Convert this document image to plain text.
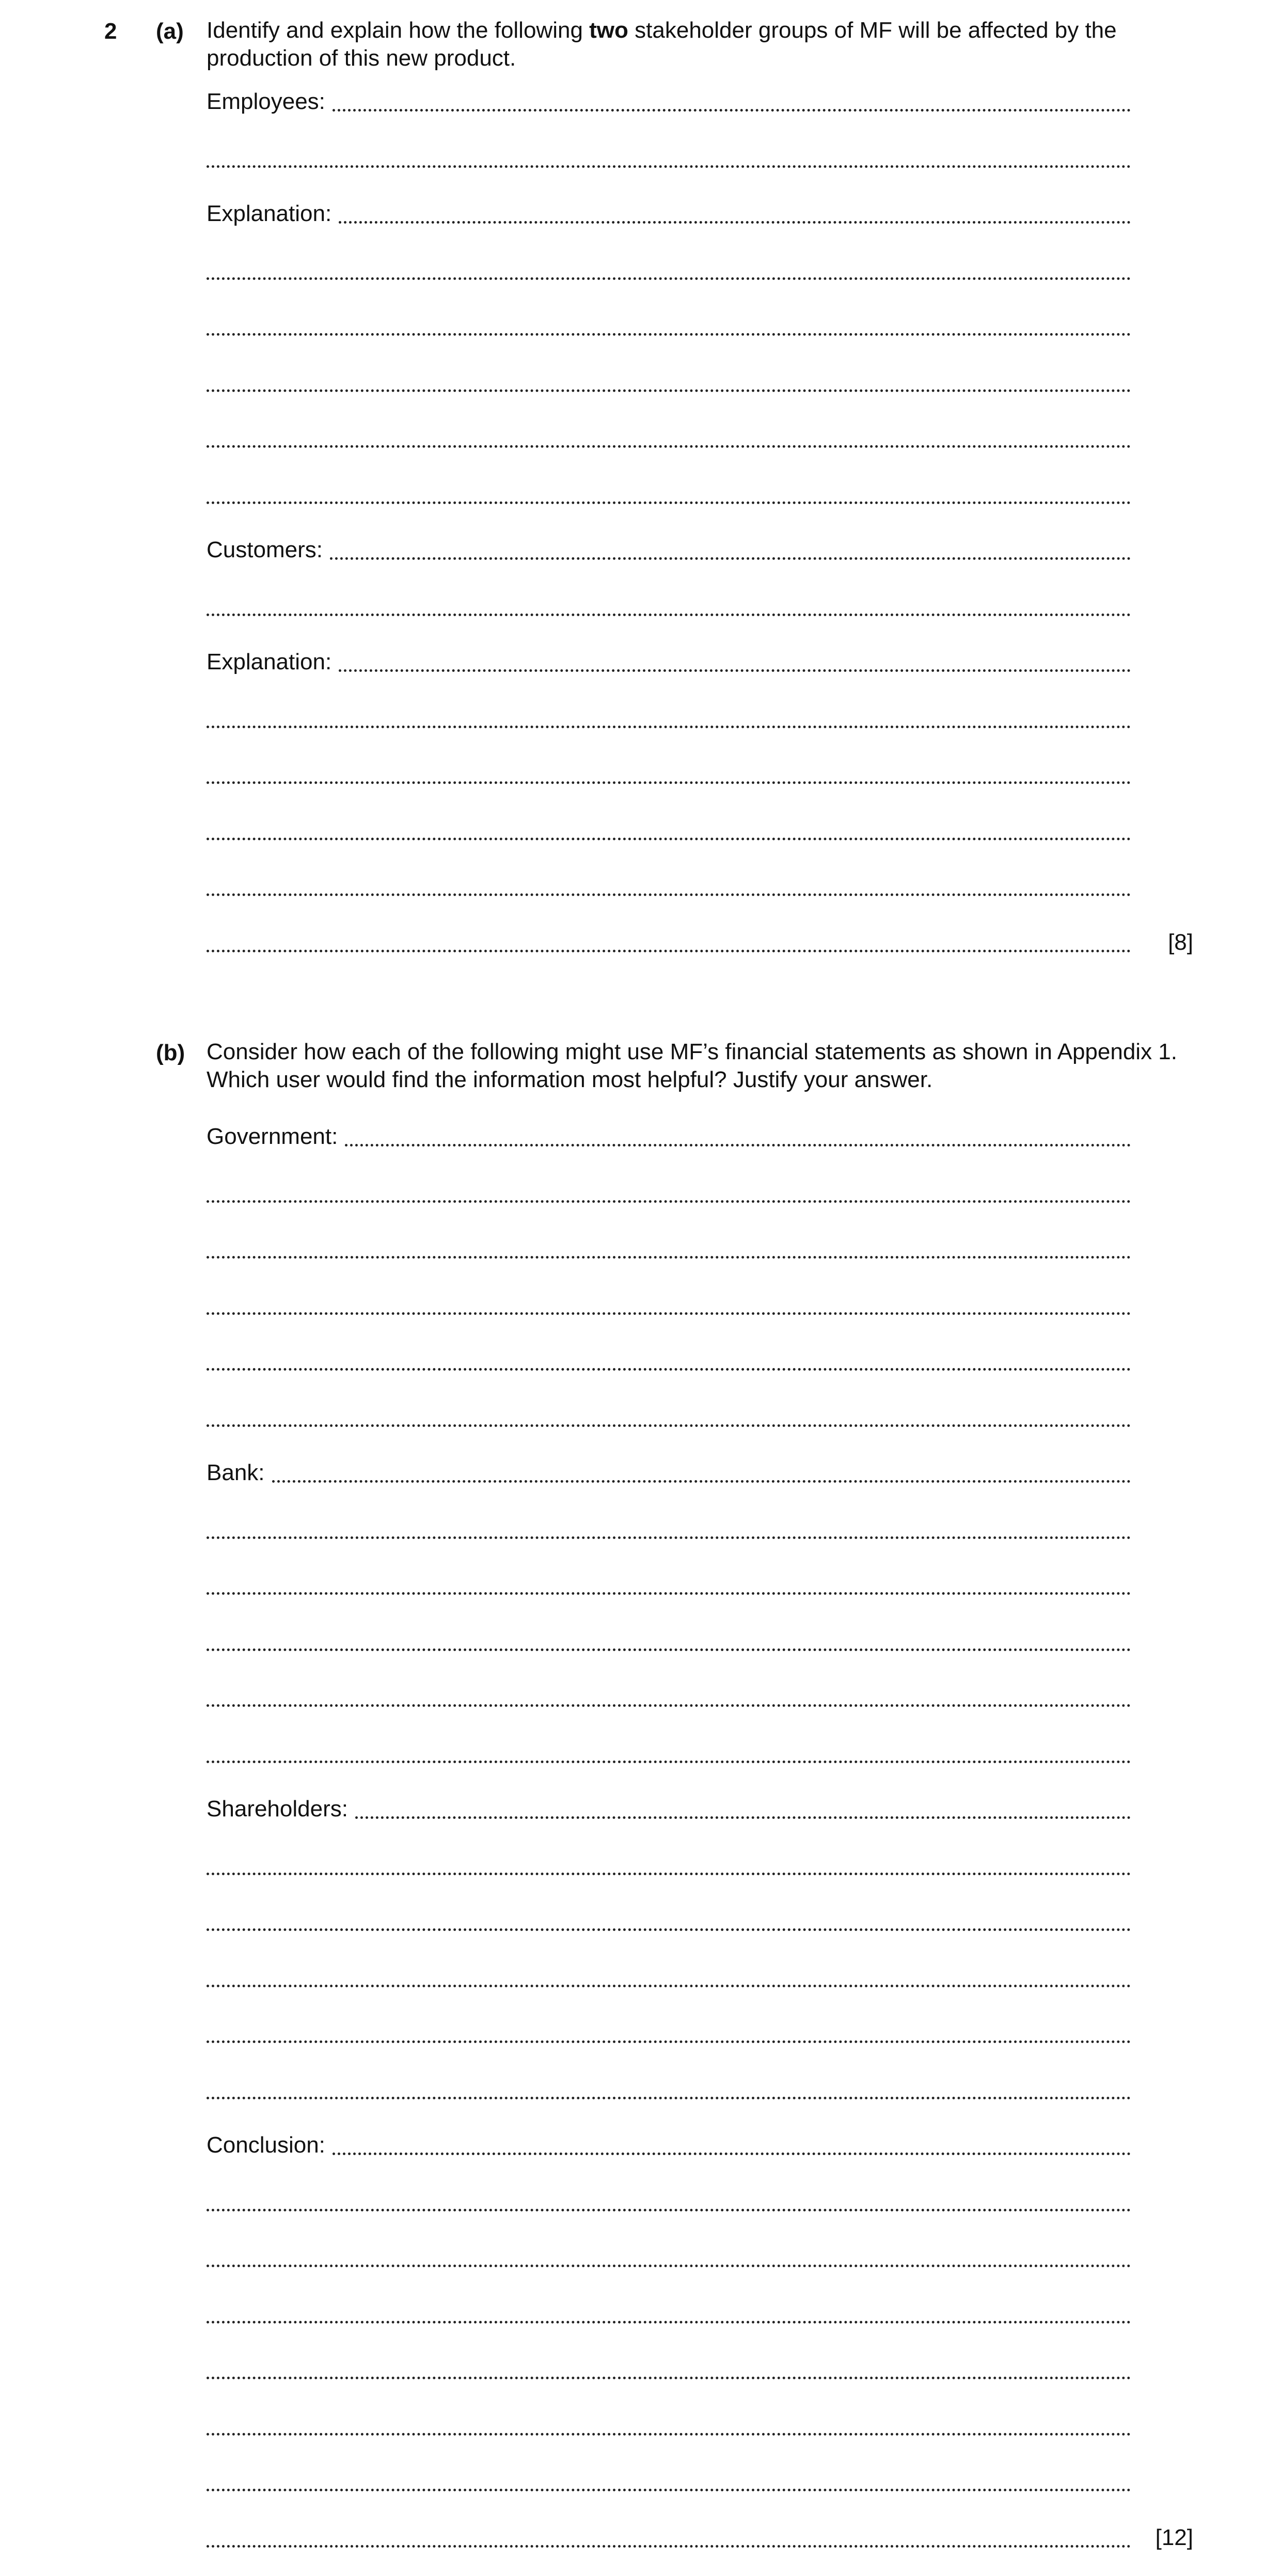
2 (a) Identify and explain how the following two stakeholder groups of MF will be affected by the production of this new product.
Employees:
Explanation:
Customers:
Explanation:
[8]
(b) Consider how each of the following might use MF’s financial statements as shown in Appendix 1. Which user would find the information most helpful? Justify your answer.
Government:
Bank:
Shareholders:
Conclusion:
[12]
